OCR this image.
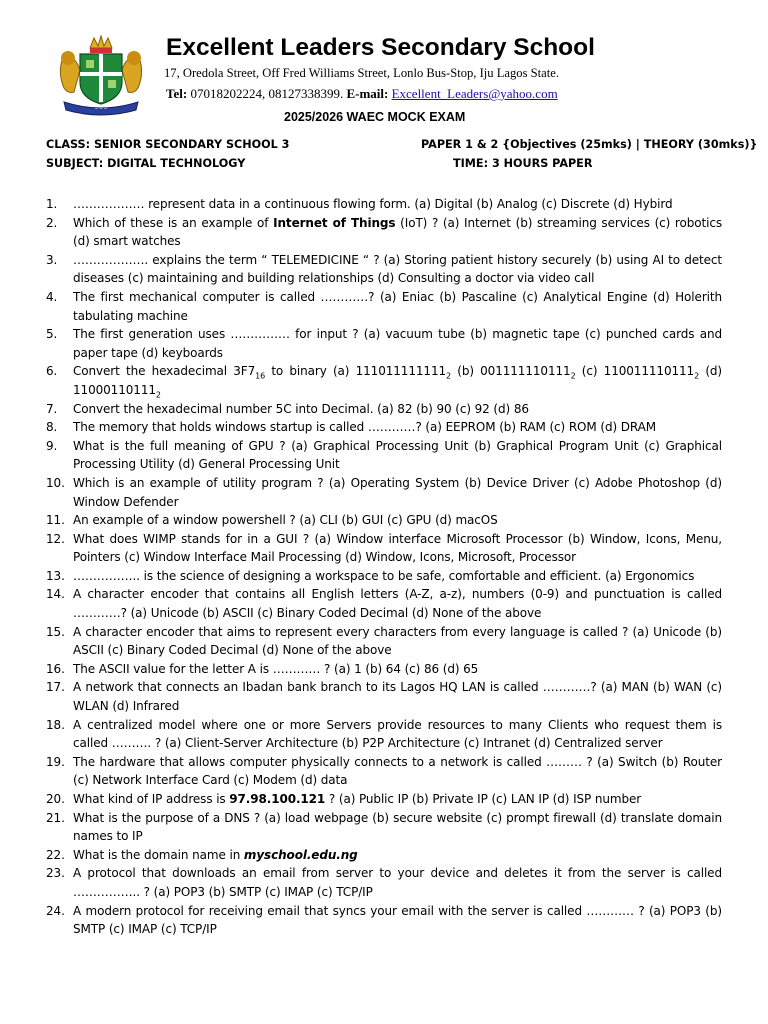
~ ~ ~
Excellent Leaders Secondary School
17, Oredola Street, Off Fred Williams Street, Lonlo Bus-Stop, Iju Lagos State.
Tel: 07018202224, 08127338399. E-mail: Excellent_Leaders@yahoo.com
2025/2026 WAEC MOCK EXAM
CLASS: SENIOR SECONDARY SCHOOL 3
SUBJECT: DIGITAL TECHNOLOGY
PAPER 1 & 2 {Objectives (25mks) | THEORY (30mks)}
TIME: 3 HOURS PAPER
1.	……………… represent data in a continuous flowing form. (a) Digital (b) Analog (c) Discrete (d) Hybird
2.	Which of these is an example of Internet of Things (IoT) ? (a) Internet (b) streaming services (c) robotics (d) smart watches
3.	………………. explains the term “ TELEMEDICINE “ ? (a) Storing patient history securely (b) using AI to detect diseases (c) maintaining and building relationships (d) Consulting a doctor via video call
4.	The first mechanical computer is called …………? (a) Eniac (b) Pascaline (c) Analytical Engine (d) Holerith tabulating machine
5.	The first generation uses …………… for input ? (a) vacuum tube (b) magnetic tape (c) punched cards and paper tape (d) keyboards
6.	Convert the hexadecimal $3F7_{16}$ to binary (a) $111011111111_2$ (b) $001111110111_2$ (c) $110011110111_2$ (d) $11000110111_2$
7.	Convert the hexadecimal number 5C into Decimal. (a) 82 (b) 90 (c) 92 (d) 86
8.	The memory that holds windows startup is called …………? (a) EEPROM (b) RAM (c) ROM (d) DRAM
9.	What is the full meaning of GPU ? (a) Graphical Processing Unit (b) Graphical Program Unit (c) Graphical Processing Utility (d) General Processing Unit
10. Which is an example of utility program ? (a) Operating System (b) Device Driver (c) Adobe Photoshop (d) Window Defender
11. An example of a window powershell ? (a) CLI (b) GUI (c) GPU (d) macOS
12. What does WIMP stands for in a GUI ? (a) Window interface Microsoft Processor (b) Window, Icons, Menu, Pointers (c) Window Interface Mail Processing (d) Window, Icons, Microsoft, Processor
13. …………….. is the science of designing a workspace to be safe, comfortable and efficient. (a) Ergonomics
14. A character encoder that contains all English letters (A-Z, a-z), numbers (0-9) and punctuation is called …………? (a) Unicode (b) ASCII (c) Binary Coded Decimal (d) None of the above
15. A character encoder that aims to represent every characters from every language is called ? (a) Unicode (b) ASCII (c) Binary Coded Decimal (d) None of the above
16. The ASCII value for the letter A is ………… ? (a) 1 (b) 64 (c) 86 (d) 65
17. A network that connects an Ibadan bank branch to its Lagos HQ LAN is called …………? (a) MAN (b) WAN (c) WLAN (d) Infrared
18. A centralized model where one or more Servers provide resources to many Clients who request them is called ………. ? (a) Client-Server Architecture (b) P2P Architecture (c) Intranet (d) Centralized server
19. The hardware that allows computer physically connects to a network is called ……… ? (a) Switch (b) Router (c) Network Interface Card (c) Modem (d) data
20. What kind of IP address is 97.98.100.121 ? (a) Public IP (b) Private IP (c) LAN IP (d) ISP number
21. What is the purpose of a DNS ? (a) load webpage (b) secure website (c) prompt firewall (d) translate domain names to IP
22. What is the domain name in myschool.edu.ng
23. A protocol that downloads an email from server to your device and deletes it from the server is called …………….. ? (a) POP3 (b) SMTP (c) IMAP (c) TCP/IP
24. A modern protocol for receiving email that syncs your email with the server is called ………… ? (a) POP3 (b) SMTP (c) IMAP (c) TCP/IP
